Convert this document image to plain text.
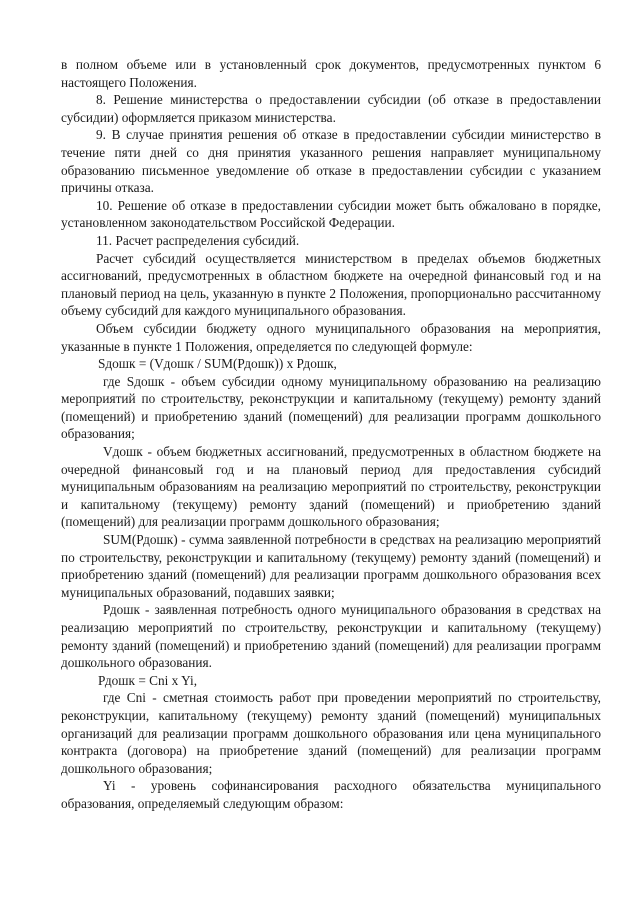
в полном объеме или в установленный срок документов, предусмотренных пунктом 6 настоящего Положения.

8. Решение министерства о предоставлении субсидии (об отказе в предоставлении субсидии) оформляется приказом министерства.

9. В случае принятия решения об отказе в предоставлении субсидии министерство в течение пяти дней со дня принятия указанного решения направляет муниципальному образованию письменное уведомление об отказе в предоставлении субсидии с указанием причины отказа.

10. Решение об отказе в предоставлении субсидии может быть обжаловано в порядке, установленном законодательством Российской Федерации.

11. Расчет распределения субсидий.

Расчет субсидий осуществляется министерством в пределах объемов бюджетных ассигнований, предусмотренных в областном бюджете на очередной финансовый год и на плановый период на цель, указанную в пункте 2 Положения, пропорционально рассчитанному объему субсидий для каждого муниципального образования.

Объем субсидии бюджету одного муниципального образования на мероприятия, указанные в пункте 1 Положения, определяется по следующей формуле:

Sдошк = (Vдошк / SUM(Рдошк)) x Рдошк,

где Sдошк - объем субсидии одному муниципальному образованию на реализацию мероприятий по строительству, реконструкции и капитальному (текущему) ремонту зданий (помещений) и приобретению зданий (помещений) для реализации программ дошкольного образования;

Vдошк - объем бюджетных ассигнований, предусмотренных в областном бюджете на очередной финансовый год и на плановый период для предоставления субсидий муниципальным образованиям на реализацию мероприятий по строительству, реконструкции и капитальному (текущему) ремонту зданий (помещений) и приобретению зданий (помещений) для реализации программ дошкольного образования;

SUM(Рдошк) - сумма заявленной потребности в средствах на реализацию мероприятий по строительству, реконструкции и капитальному (текущему) ремонту зданий (помещений) и приобретению зданий (помещений) для реализации программ дошкольного образования всех муниципальных образований, подавших заявки;

Рдошк - заявленная потребность одного муниципального образования в средствах на реализацию мероприятий по строительству, реконструкции и капитальному (текущему) ремонту зданий (помещений) и приобретению зданий (помещений) для реализации программ дошкольного образования.

Рдошк = Cni x Yi,

где Cni - сметная стоимость работ при проведении мероприятий по строительству, реконструкции, капитальному (текущему) ремонту зданий (помещений) муниципальных организаций для реализации программ дошкольного образования или цена муниципального контракта (договора) на приобретение зданий (помещений) для реализации программ дошкольного образования;

Yi - уровень софинансирования расходного обязательства муниципального образования, определяемый следующим образом:
